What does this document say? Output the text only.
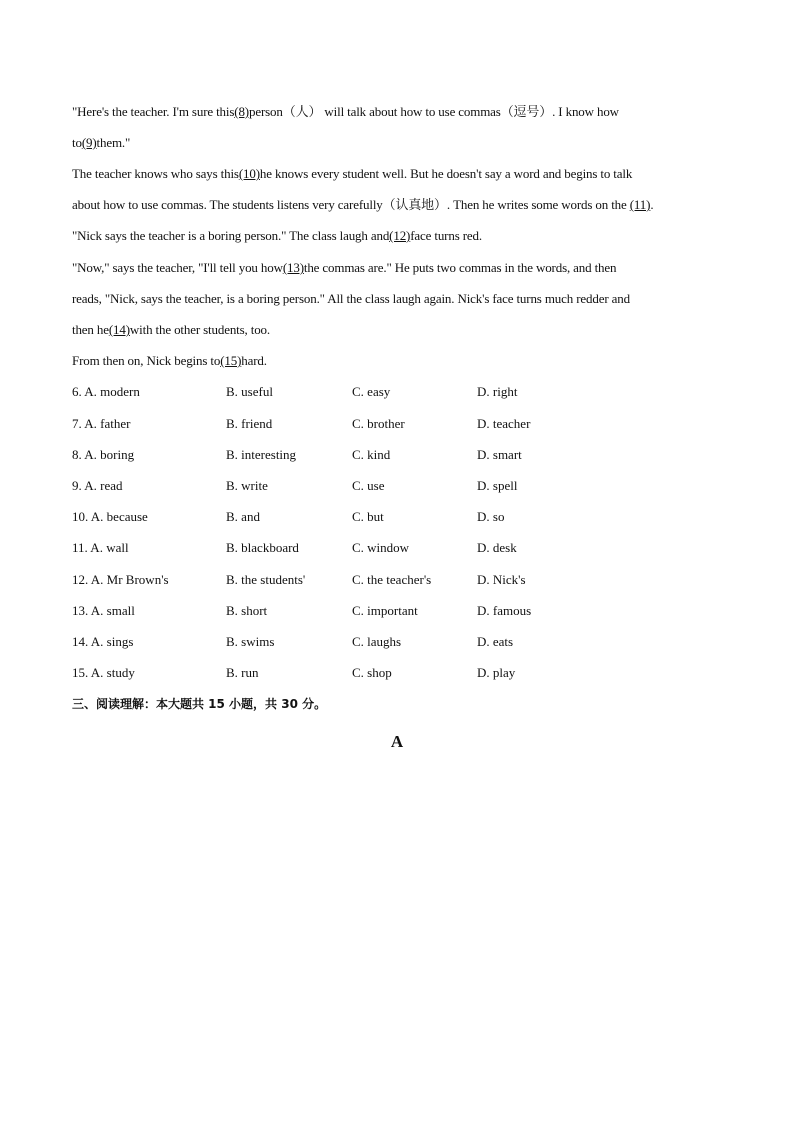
"Here's the teacher. I'm sure this(8)person（人） will talk about how to use commas（逗号）. I know how
to(9)them."
The teacher knows who says this(10)he knows every student well. But he doesn't say a word and begins to talk
about how to use commas. The students listens very carefully（认真地）. Then he writes some words on the (11).
"Nick says the teacher is a boring person." The class laugh and(12)face turns red.
"Now," says the teacher, "I'll tell you how(13)the commas are." He puts two commas in the words, and then
reads, "Nick, says the teacher, is a boring person." All the class laugh again. Nick's face turns much redder and
then he(14)with the other students, too.
From then on, Nick begins to(15)hard.
6. A. modern	B. useful	C. easy	D. right
7. A. father	B. friend	C. brother	D. teacher
8. A. boring	B. interesting	C. kind	D. smart
9. A. read	B. write	C. use	D. spell
10. A. because	B. and	C. but	D. so
11. A. wall	B. blackboard	C. window	D. desk
12. A. Mr Brown's	B. the students'	C. the teacher's	D. Nick's
13. A. small	B. short	C. important	D. famous
14. A. sings	B. swims	C. laughs	D. eats
15. A. study	B. run	C. shop	D. play
三、阅读理解：本大题共 15 小题，共 30 分。
A
